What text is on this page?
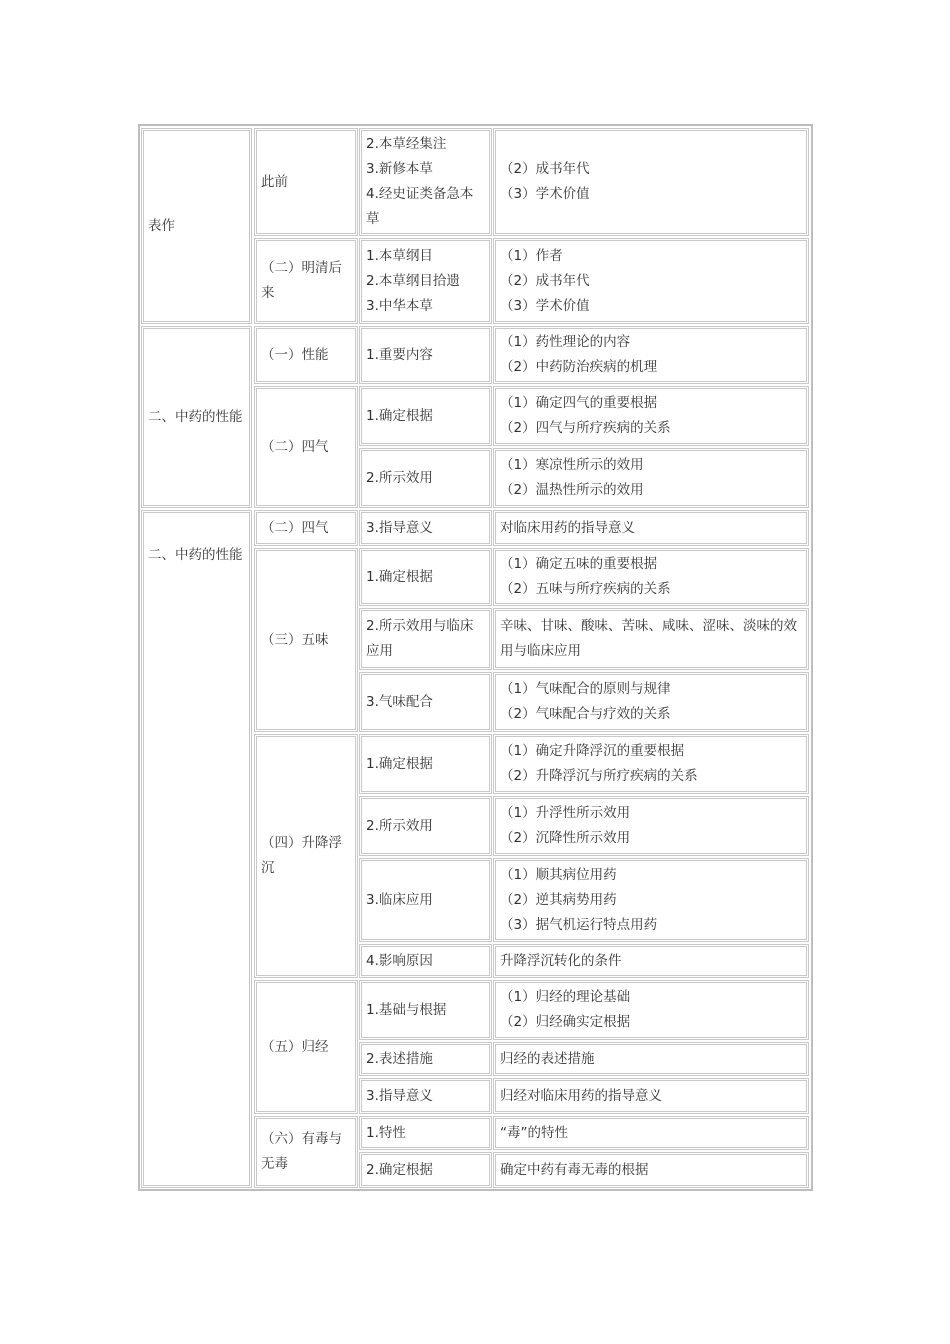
表作
二、中药的性能
二、中药的性能
此前
（二）明清后来
（一）性能
（二）四气
（二）四气
（三）五味
（四）升降浮沉
（五）归经
（六）有毒与无毒
2.本草经集注
3.新修本草
4.经史证类备急本草
1.本草纲目
2.本草纲目拾遗
3.中华本草
1.重要内容
1.确定根据
2.所示效用
3.指导意义
1.确定根据
2.所示效用与临床应用
3.气味配合
1.确定根据
2.所示效用
3.临床应用
4.影响原因
1.基础与根据
2.表述措施
3.指导意义
1.特性
2.确定根据
（2）成书年代
（3）学术价值
（1）作者
（2）成书年代
（3）学术价值
（1）药性理论的内容
（2）中药防治疾病的机理
（1）确定四气的重要根据
（2）四气与所疗疾病的关系
（1）寒凉性所示的效用
（2）温热性所示的效用
对临床用药的指导意义
（1）确定五味的重要根据
（2）五味与所疗疾病的关系
辛味、甘味、酸味、苦味、咸味、涩味、淡味的效用与临床应用
（1）气味配合的原则与规律
（2）气味配合与疗效的关系
（1）确定升降浮沉的重要根据
（2）升降浮沉与所疗疾病的关系
（1）升浮性所示效用
（2）沉降性所示效用
（1）顺其病位用药
（2）逆其病势用药
（3）据气机运行特点用药
升降浮沉转化的条件
（1）归经的理论基础
（2）归经确实定根据
归经的表述措施
归经对临床用药的指导意义
“毒”的特性
确定中药有毒无毒的根据
